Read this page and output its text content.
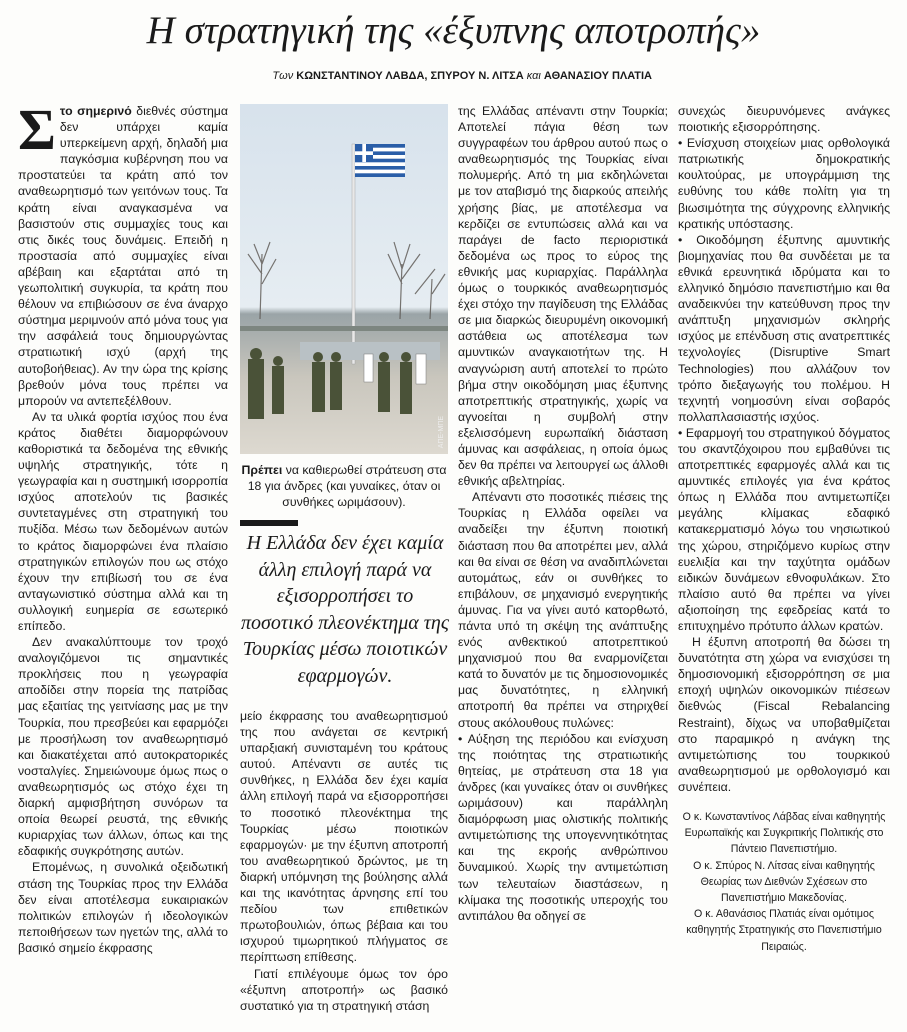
Η στρατηγική της «έξυπνης αποτροπής»
Των ΚΩΝΣΤΑΝΤΙΝΟΥ ΛΑΒΔΑ, ΣΠΥΡΟΥ Ν. ΛΙΤΣΑ και ΑΘΑΝΑΣΙΟΥ ΠΛΑΤΙΑ

Σ το σημερινό διεθνές σύστημα δεν υπάρχει καμία υπερκείμενη αρχή, δηλαδή μια παγκόσμια κυβέρνηση που να προστατεύει τα κράτη από τον αναθεωρητισμό των γειτόνων τους. Τα κράτη είναι αναγκασμένα να βασιστούν στις συμμαχίες τους και στις δικές τους δυνάμεις. Επειδή η προστασία από συμμαχίες είναι αβέβαιη και εξαρτάται από τη γεωπολιτική συγκυρία, τα κράτη που θέλουν να επιβιώσουν σε ένα άναρχο σύστημα μεριμνούν από μόνα τους για την ασφάλειά τους δημιουργώντας στρατιωτική ισχύ (αρχή της αυτοβοήθειας). Αν την ώρα της κρίσης βρεθούν μόνα τους πρέπει να μπορούν να αντεπεξέλθουν.

Αν τα υλικά φορτία ισχύος που ένα κράτος διαθέτει διαμορφώνουν καθοριστικά τα δεδομένα της εθνικής υψηλής στρατηγικής, τότε η γεωγραφία και η συστημική ισορροπία ισχύος αποτελούν τις βασικές συντεταγμένες στη στρατηγική του πυξίδα. Μέσω των δεδομένων αυτών το κράτος διαμορφώνει ένα πλαίσιο στρατηγικών επιλογών που ως στόχο έχουν την επιβίωσή του σε ένα ανταγωνιστικό σύστημα αλλά και τη συλλογική ευημερία σε εσωτερικό επίπεδο.

Δεν ανακαλύπτουμε τον τροχό αναλογιζόμενοι τις σημαντικές προκλήσεις που η γεωγραφία αποδίδει στην πορεία της πατρίδας μας εξαιτίας της γειτνίασης μας με την Τουρκία, που πρεσβεύει και εφαρμόζει με προσήλωση τον αναθεωρητισμό και διακατέχεται από αυτοκρατορικές νοσταλγίες. Σημειώνουμε όμως πως ο αναθεωρητισμός ως στόχο έχει τη διαρκή αμφισβήτηση συνόρων τα οποία θεωρεί ρευστά, της εθνικής κυριαρχίας των άλλων, όπως και της εδαφικής συγκρότησης αυτών.

Επομένως, η συνολικά οξειδωτική στάση της Τουρκίας προς την Ελλάδα δεν είναι αποτέλεσμα ευκαιριακών πολιτικών επιλογών ή ιδεολογικών πεποιθήσεων των ηγετών της, αλλά το βασικό σημείο έκφρασης

ΑΠΕ-ΜΠΕ
Πρέπει να καθιερωθεί στράτευση στα 18 για άνδρες (και γυναίκες, όταν οι συνθήκες ωριμάσουν).
Η Ελλάδα δεν έχει καμία άλλη επιλογή παρά να εξισορροπήσει το ποσοτικό πλεονέκτημα της Τουρκίας μέσω ποιοτικών εφαρμογών.

μείο έκφρασης του αναθεωρητισμού της που ανάγεται σε κεντρική υπαρξιακή συνισταμένη του κράτους αυτού. Απέναντι σε αυτές τις συνθήκες, η Ελλάδα δεν έχει καμία άλλη επιλογή παρά να εξισορροπήσει το ποσοτικό πλεονέκτημα της Τουρκίας μέσω ποιοτικών εφαρμογών· με την έξυπνη αποτροπή του αναθεωρητικού δρώντος, με τη διαρκή υπόμνηση της βούλησης αλλά και της ικανότητας άρνησης επί του πεδίου των επιθετικών πρωτοβουλιών, όπως βέβαια και του ισχυρού τιμωρητικού πλήγματος σε περίπτωση επίθεσης.

Γιατί επιλέγουμε όμως τον όρο «έξυπνη αποτροπή» ως βασικό συστατικό για τη στρατηγική στάση

της Ελλάδας απέναντι στην Τουρκία; Αποτελεί πάγια θέση των συγγραφέων του άρθρου αυτού πως ο αναθεωρητισμός της Τουρκίας είναι πολυμερής. Από τη μια εκδηλώνεται με τον αταβισμό της διαρκούς απειλής χρήσης βίας, με αποτέλεσμα να κερδίζει σε εντυπώσεις αλλά και να παράγει de facto περιοριστικά δεδομένα ως προς το εύρος της εθνικής μας κυριαρχίας. Παράλληλα όμως ο τουρκικός αναθεωρητισμός έχει στόχο την παγίδευση της Ελλάδας σε μια διαρκώς διευρυμένη οικονομική αστάθεια ως αποτέλεσμα των αμυντικών αναγκαιοτήτων της. Η αναγνώριση αυτή αποτελεί το πρώτο βήμα στην οικοδόμηση μιας έξυπνης αποτρεπτικής στρατηγικής, χωρίς να αγνοείται η συμβολή στην εξελισσόμενη ευρωπαϊκή διάσταση άμυνας και ασφάλειας, η οποία όμως δεν θα πρέπει να λειτουργεί ως άλλοθι εθνικής αβελτηρίας.

Απέναντι στο ποσοτικές πιέσεις της Τουρκίας η Ελλάδα οφείλει να αναδείξει την έξυπνη ποιοτική διάσταση που θα αποτρέπει μεν, αλλά και θα είναι σε θέση να αναδιπλώνεται αυτομάτως, εάν οι συνθήκες το επιβάλουν, σε μηχανισμό ενεργητικής άμυνας. Για να γίνει αυτό κατορθωτό, πάντα υπό τη σκέψη της ανάπτυξης ενός ανθεκτικού αποτρεπτικού μηχανισμού που θα εναρμονίζεται κατά το δυνατόν με τις δημοσιονομικές μας δυνατότητες, η ελληνική αποτροπή θα πρέπει να στηριχθεί στους ακόλουθους πυλώνες:

• Αύξηση της περιόδου και ενίσχυση της ποιότητας της στρατιωτικής θητείας, με στράτευση στα 18 για άνδρες (και γυναίκες όταν οι συνθήκες ωριμάσουν) και παράλληλη διαμόρφωση μιας ολιστικής πολιτικής αντιμετώπισης της υπογεννητικότητας και της εκροής ανθρώπινου δυναμικού. Χωρίς την αντιμετώπιση των τελευταίων διαστάσεων, η κλίμακα της ποσοτικής υπεροχής του αντιπάλου θα οδηγεί σε

συνεχώς διευρυνόμενες ανάγκες ποιοτικής εξισορρόπησης.

• Ενίσχυση στοιχείων μιας ορθολογικά πατριωτικής δημοκρατικής κουλτούρας, με υπογράμμιση της ευθύνης του κάθε πολίτη για τη βιωσιμότητα της σύγχρονης ελληνικής κρατικής υπόστασης.

• Οικοδόμηση έξυπνης αμυντικής βιομηχανίας που θα συνδέεται με τα εθνικά ερευνητικά ιδρύματα και το ελληνικό δημόσιο πανεπιστήμιο και θα αναδεικνύει την κατεύθυνση προς την ανάπτυξη μηχανισμών σκληρής ισχύος με επένδυση στις ανατρεπτικές τεχνολογίες (Disruptive Smart Technologies) που αλλάζουν τον τρόπο διεξαγωγής του πολέμου. Η τεχνητή νοημοσύνη είναι σοβαρός πολλαπλασιαστής ισχύος.

• Εφαρμογή του στρατηγικού δόγματος του σκαντζόχοιρου που εμβαθύνει τις αποτρεπτικές εφαρμογές αλλά και τις αμυντικές επιλογές για ένα κράτος όπως η Ελλάδα που αντιμετωπίζει μεγάλης κλίμακας εδαφικό κατακερματισμό λόγω του νησιωτικού της χώρου, στηριζόμενο κυρίως στην ευελιξία και την ταχύτητα ομάδων ειδικών δυνάμεων εθνοφυλάκων. Στο πλαίσιο αυτό θα πρέπει να γίνει αξιοποίηση της εφεδρείας κατά το επιτυχημένο πρότυπο άλλων κρατών.

Η έξυπνη αποτροπή θα δώσει τη δυνατότητα στη χώρα να ενισχύσει τη δημοσιονομική εξισορρόπηση σε μια εποχή υψηλών οικονομικών πιέσεων διεθνώς (Fiscal Rebalancing Restraint), δίχως να υποβαθμίζεται στο παραμικρό η ανάγκη της αντιμετώπισης του τουρκικού αναθεωρητισμού με ορθολογισμό και συνέπεια.

Ο κ. Κωνσταντίνος Λάβδας είναι καθηγητής Ευρωπαϊκής και Συγκριτικής Πολιτικής στο Πάντειο Πανεπιστήμιο.

Ο κ. Σπύρος Ν. Λίτσας είναι καθηγητής Θεωρίας των Διεθνών Σχέσεων στο Πανεπιστήμιο Μακεδονίας.

Ο κ. Αθανάσιος Πλατιάς είναι ομότιμος καθηγητής Στρατηγικής στο Πανεπιστήμιο Πειραιώς.
